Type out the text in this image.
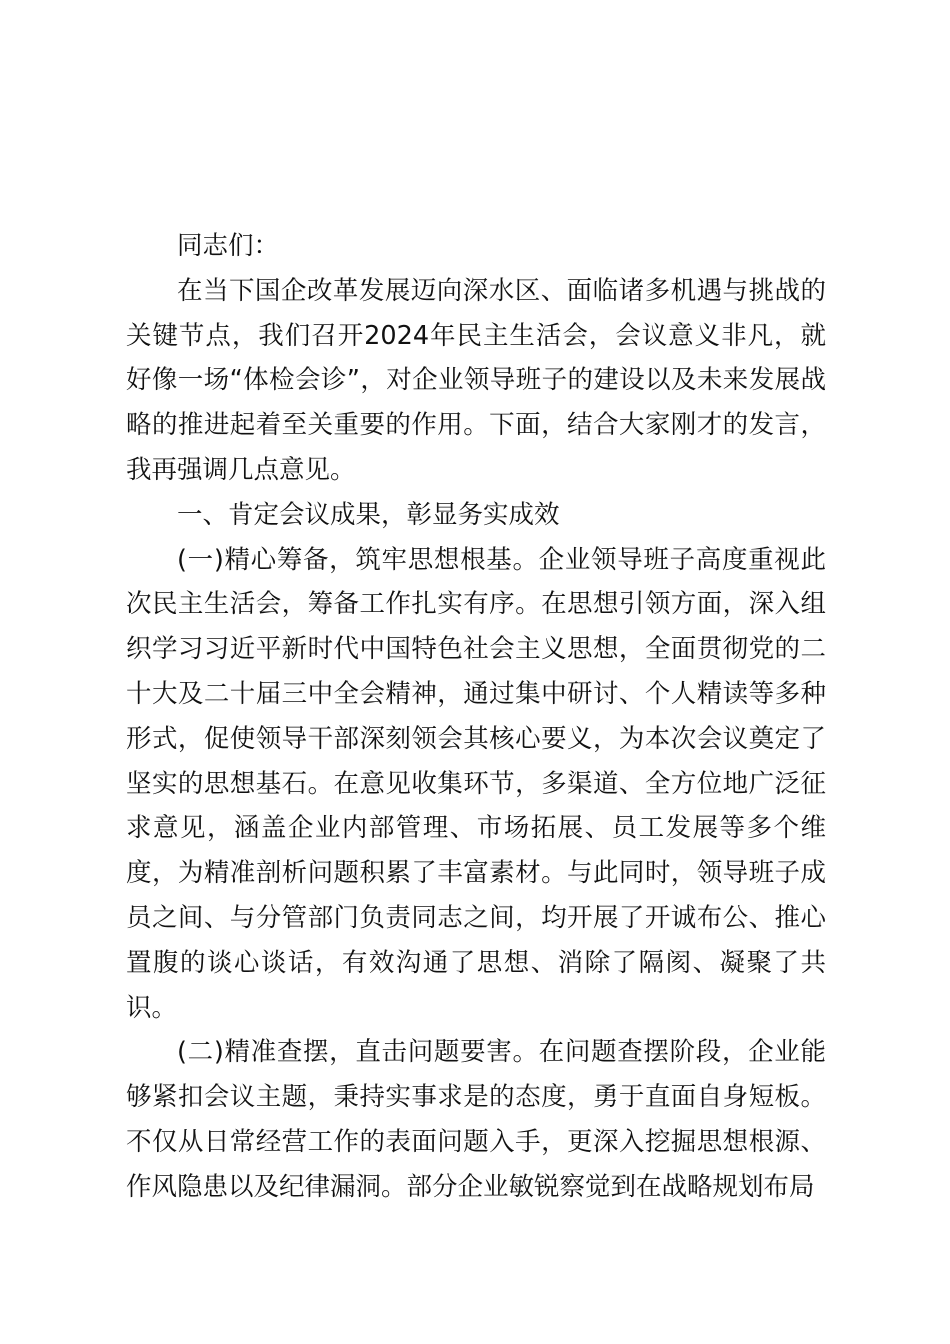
同志们：

在当下国企改革发展迈向深水区、面临诸多机遇与挑战的关键节点，我们召开2024年民主生活会，会议意义非凡，就好像一场“体检会诊”，对企业领导班子的建设以及未来发展战略的推进起着至关重要的作用。下面，结合大家刚才的发言，我再强调几点意见。

一、肯定会议成果，彰显务实成效

(一)精心筹备，筑牢思想根基。企业领导班子高度重视此次民主生活会，筹备工作扎实有序。在思想引领方面，深入组织学习习近平新时代中国特色社会主义思想，全面贯彻党的二十大及二十届三中全会精神，通过集中研讨、个人精读等多种形式，促使领导干部深刻领会其核心要义，为本次会议奠定了坚实的思想基石。在意见收集环节，多渠道、全方位地广泛征求意见，涵盖企业内部管理、市场拓展、员工发展等多个维度，为精准剖析问题积累了丰富素材。与此同时，领导班子成员之间、与分管部门负责同志之间，均开展了开诚布公、推心置腹的谈心谈话，有效沟通了思想、消除了隔阂、凝聚了共识。

(二)精准查摆，直击问题要害。在问题查摆阶段，企业能够紧扣会议主题，秉持实事求是的态度，勇于直面自身短板。不仅从日常经营工作的表面问题入手，更深入挖掘思想根源、作风隐患以及纪律漏洞。部分企业敏锐察觉到在战略规划布局
